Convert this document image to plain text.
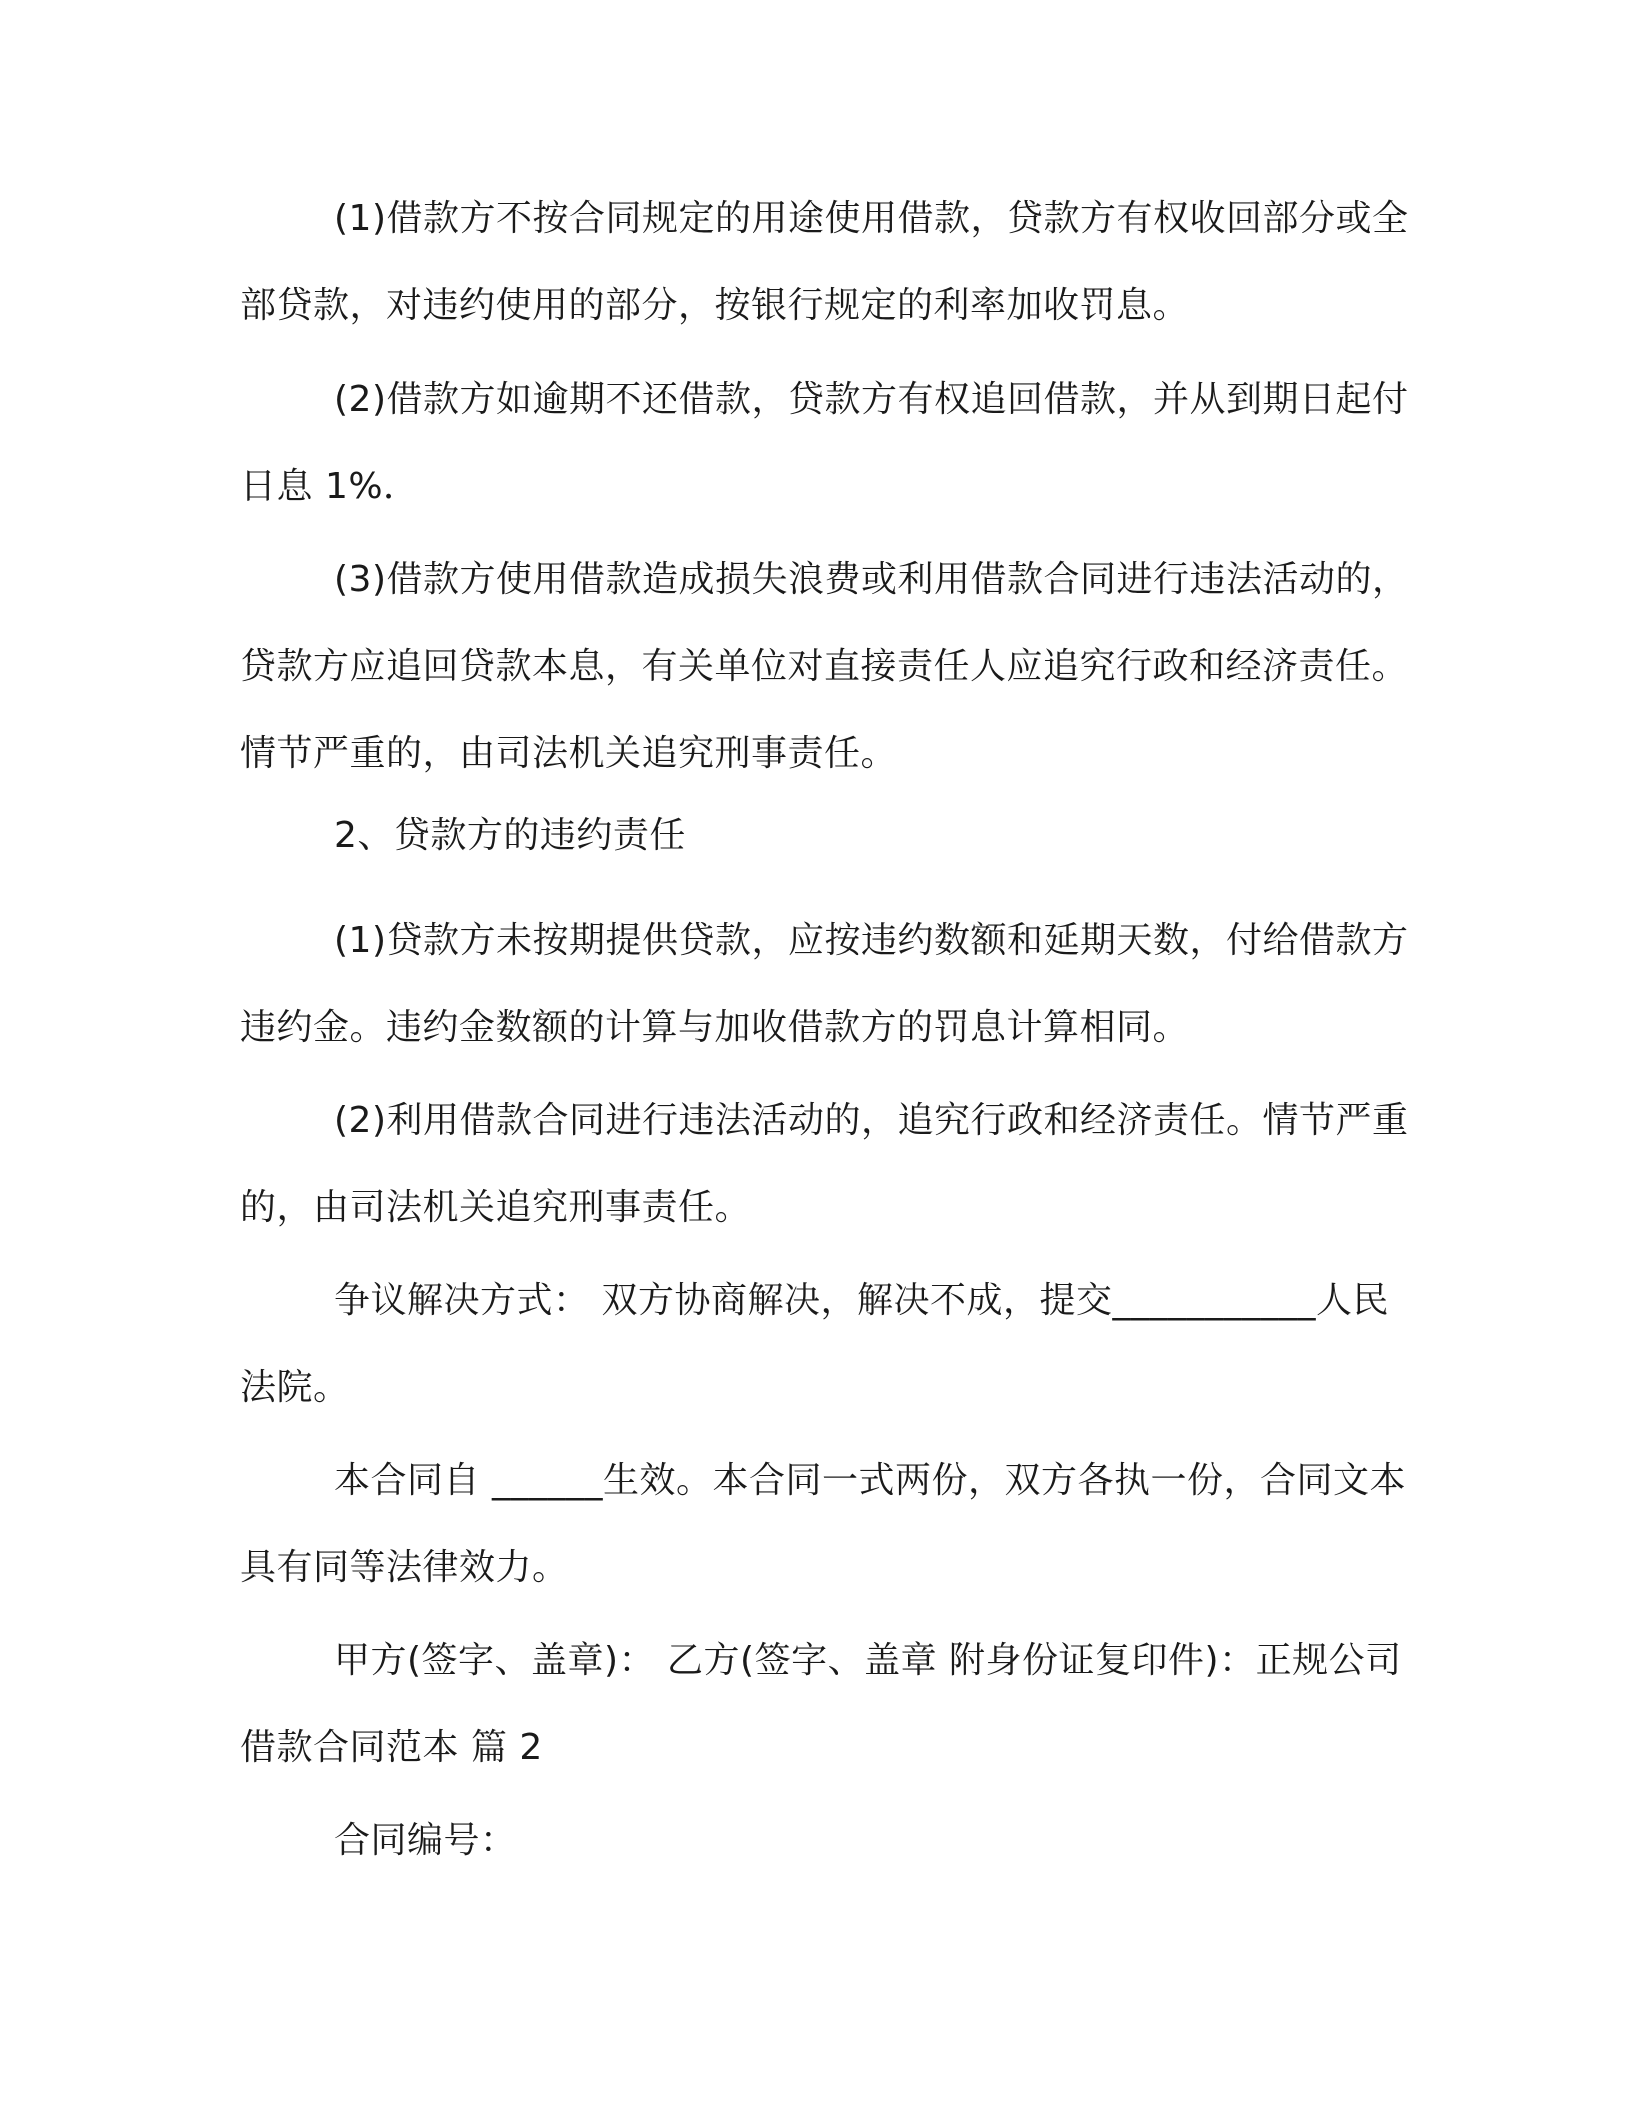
(1)借款方不按合同规定的用途使用借款，贷款方有权收回部分或全部贷款，对违约使用的部分，按银行规定的利率加收罚息。

(2)借款方如逾期不还借款，贷款方有权追回借款，并从到期日起付日息 1%．

(3)借款方使用借款造成损失浪费或利用借款合同进行违法活动的，贷款方应追回贷款本息，有关单位对直接责任人应追究行政和经济责任。情节严重的，由司法机关追究刑事责任。

2、贷款方的违约责任

(1)贷款方未按期提供贷款，应按违约数额和延期天数，付给借款方违约金。违约金数额的计算与加收借款方的罚息计算相同。

(2)利用借款合同进行违法活动的，追究行政和经济责任。情节严重的，由司法机关追究刑事责任。

争议解决方式： 双方协商解决，解决不成，提交___________人民法院。

本合同自 ______生效。本合同一式两份，双方各执一份，合同文本具有同等法律效力。

甲方(签字、盖章)： 乙方(签字、盖章 附身份证复印件)：正规公司借款合同范本 篇 2

合同编号：
